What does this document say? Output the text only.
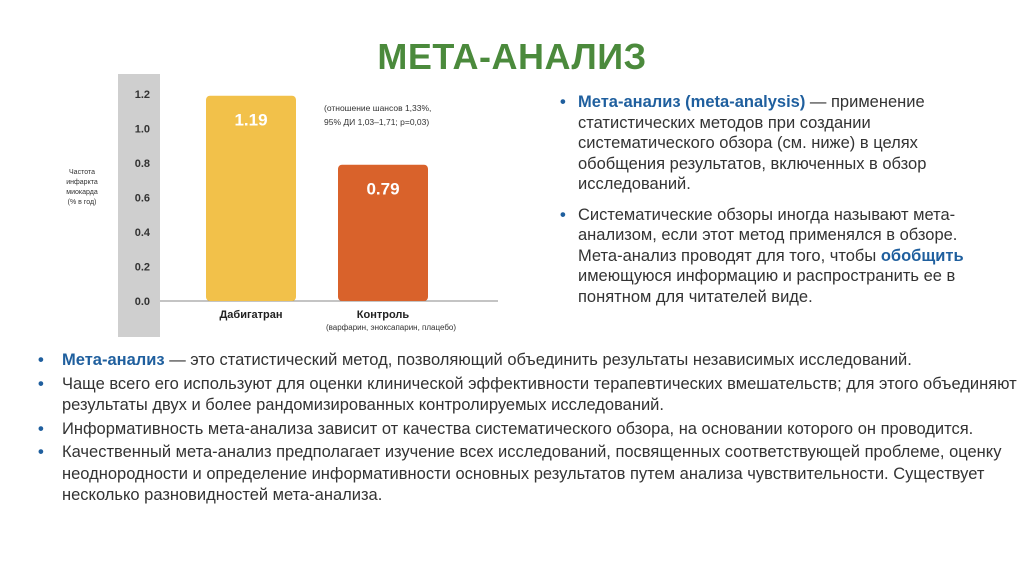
МЕТА-АНАЛИЗ
Частота
инфаркта
миокарда
(% в год)
0.0
0.2
0.4
0.6
0.8
1.0
1.2
1.19
Дабигатран
0.79
Контроль
(варфарин, эноксапарин, плацебо)
(отношение шансов 1,33%,
95% ДИ 1,03–1,71; p=0,03)
• Мета-анализ (meta-analysis) — применение статистических методов при создании систематического обзора (см. ниже) в целях обобщения результатов, включенных в обзор исследований.
• Систематические обзоры иногда называют мета-анализом, если этот метод применялся в обзоре. Мета-анализ проводят для того, чтобы обобщить имеющуюся информацию и распространить ее в понятном для читателей виде.
• Мета-анализ — это статистический метод, позволяющий объединить результаты независимых исследований.
• Чаще всего его используют для оценки клинической эффективности терапевтических вмешательств; для этого объединяют результаты двух и более рандомизированных контролируемых исследований.
• Информативность мета-анализа зависит от качества систематического обзора, на основании которого он проводится.
• Качественный мета-анализ предполагает изучение всех исследований, посвященных соответствующей проблеме, оценку неоднородности и определение информативности основных результатов путем анализа чувствительности. Существует несколько разновидностей мета-анализа.
